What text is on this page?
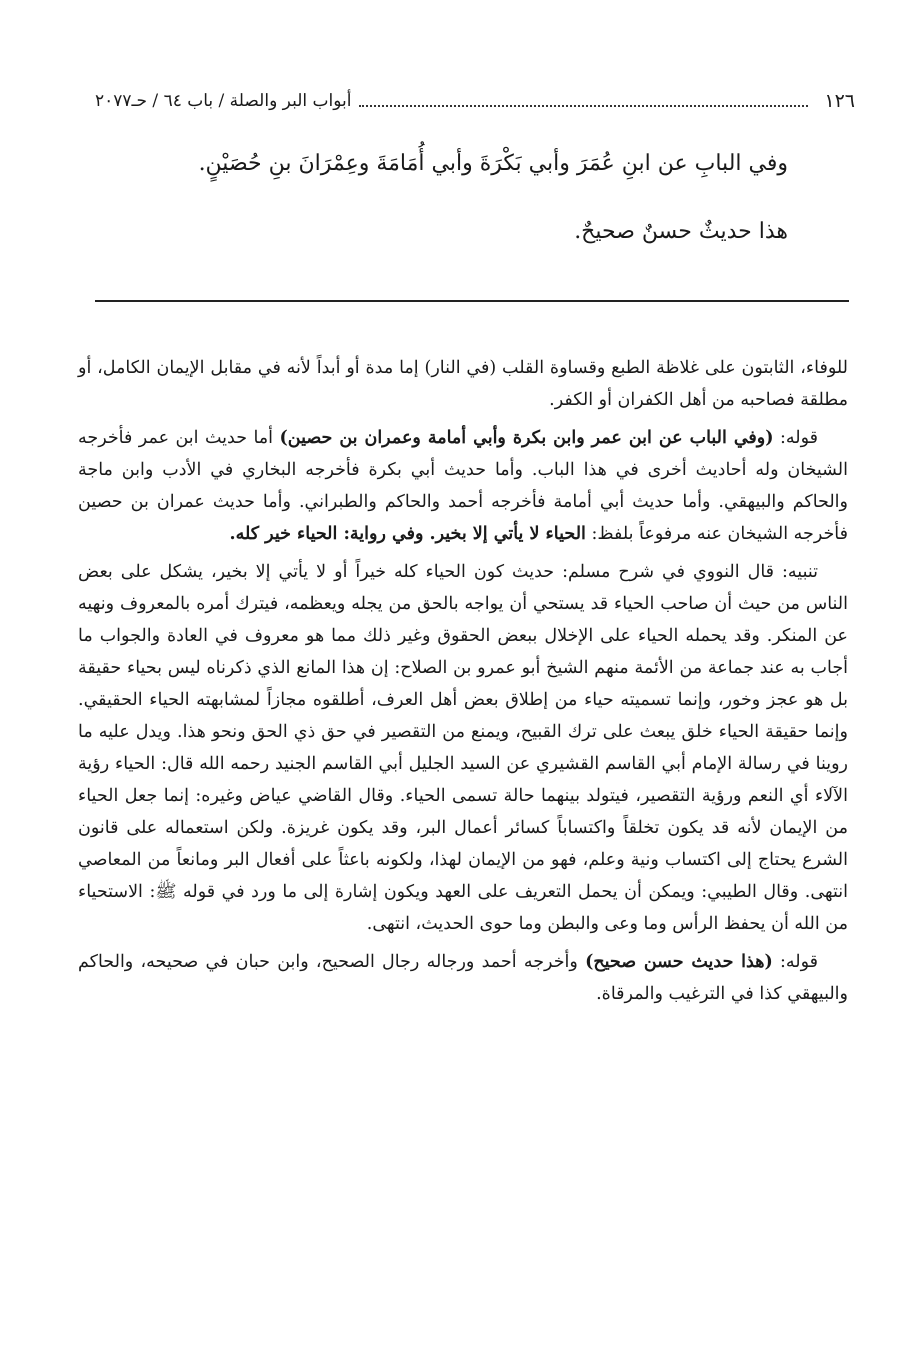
١٢٦
أبواب البر والصلة / باب ٦٤ / حـ٢٠٧٧
وفي البابِ عن ابنِ عُمَرَ وأبي بَكْرَةَ وأبي أُمَامَةَ وعِمْرَانَ بنِ حُصَيْنٍ.
هذا حديثٌ حسنٌ صحيحٌ.

للوفاء، الثابتون على غلاظة الطبع وقساوة القلب (في النار) إما مدة أو أبداً لأنه في مقابل الإيمان الكامل، أو مطلقة فصاحبه من أهل الكفران أو الكفر.

قوله: (وفي الباب عن ابن عمر وابن بكرة وأبي أمامة وعمران بن حصين) أما حديث ابن عمر فأخرجه الشيخان وله أحاديث أخرى في هذا الباب. وأما حديث أبي بكرة فأخرجه البخاري في الأدب وابن ماجة والحاكم والبيهقي. وأما حديث أبي أمامة فأخرجه أحمد والحاكم والطبراني. وأما حديث عمران بن حصين فأخرجه الشيخان عنه مرفوعاً بلفظ: الحياء لا يأتي إلا بخير. وفي رواية: الحياء خير كله.

تنبيه: قال النووي في شرح مسلم: حديث كون الحياء كله خيراً أو لا يأتي إلا بخير، يشكل على بعض الناس من حيث أن صاحب الحياء قد يستحي أن يواجه بالحق من يجله ويعظمه، فيترك أمره بالمعروف ونهيه عن المنكر. وقد يحمله الحياء على الإخلال ببعض الحقوق وغير ذلك مما هو معروف في العادة والجواب ما أجاب به عند جماعة من الأئمة منهم الشيخ أبو عمرو بن الصلاح: إن هذا المانع الذي ذكرناه ليس بحياء حقيقة بل هو عجز وخور، وإنما تسميته حياء من إطلاق بعض أهل العرف، أطلقوه مجازاً لمشابهته الحياء الحقيقي. وإنما حقيقة الحياء خلق يبعث على ترك القبيح، ويمنع من التقصير في حق ذي الحق ونحو هذا. ويدل عليه ما روينا في رسالة الإمام أبي القاسم القشيري عن السيد الجليل أبي القاسم الجنيد رحمه الله قال: الحياء رؤية الآلاء أي النعم ورؤية التقصير، فيتولد بينهما حالة تسمى الحياء. وقال القاضي عياض وغيره: إنما جعل الحياء من الإيمان لأنه قد يكون تخلقاً واكتساباً كسائر أعمال البر، وقد يكون غريزة. ولكن استعماله على قانون الشرع يحتاج إلى اكتساب ونية وعلم، فهو من الإيمان لهذا، ولكونه باعثاً على أفعال البر ومانعاً من المعاصي انتهى. وقال الطيبي: ويمكن أن يحمل التعريف على العهد ويكون إشارة إلى ما ورد في قوله ﷺ: الاستحياء من الله أن يحفظ الرأس وما وعى والبطن وما حوى الحديث، انتهى.

قوله: (هذا حديث حسن صحيح) وأخرجه أحمد ورجاله رجال الصحيح، وابن حبان في صحيحه، والحاكم والبيهقي كذا في الترغيب والمرقاة.
